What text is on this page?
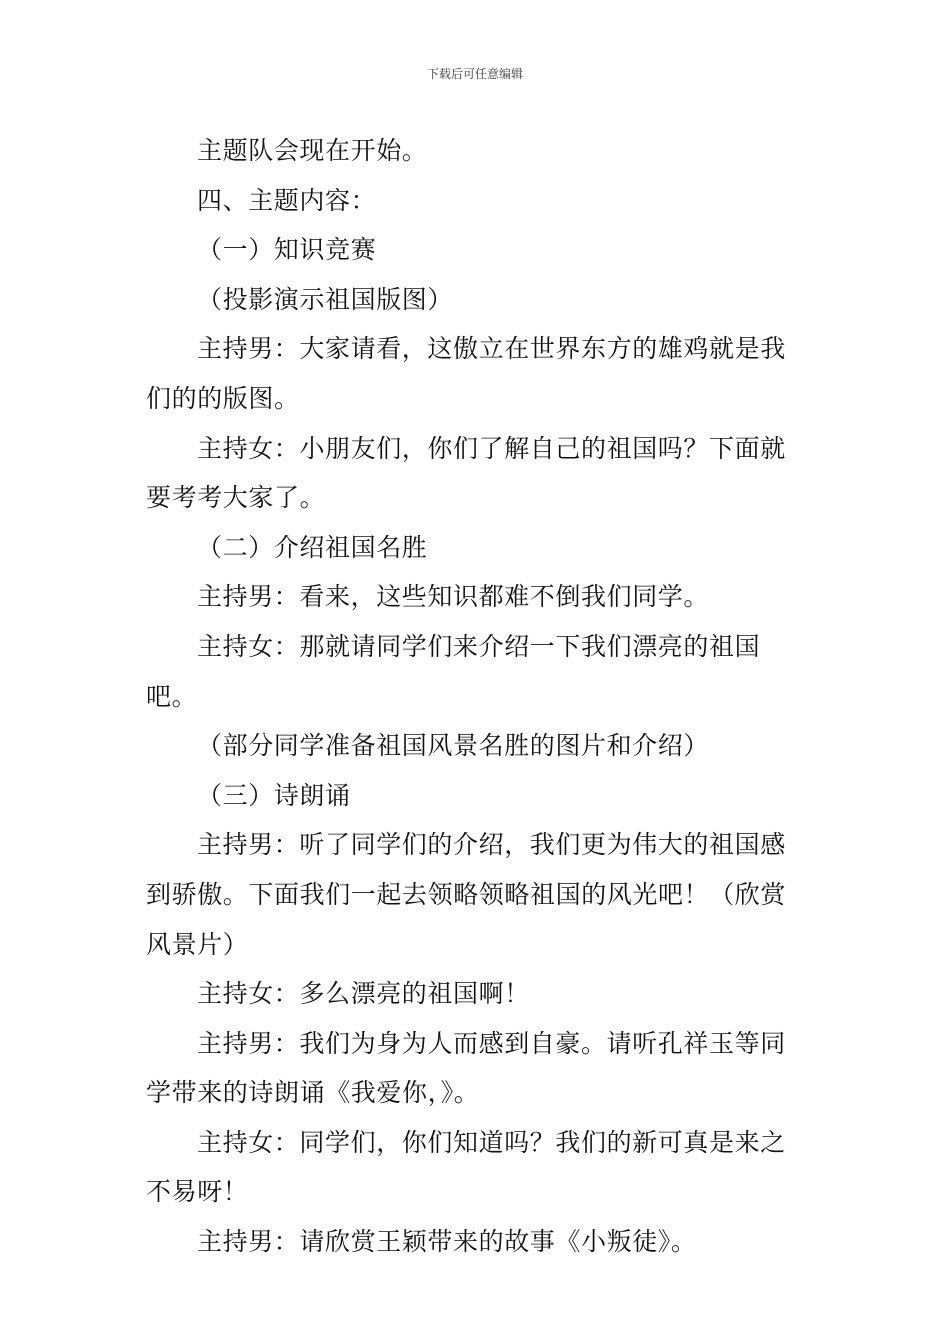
下载后可任意编辑

主题队会现在开始。

四、主题内容：

（一）知识竞赛

（投影演示祖国版图）

主持男：大家请看，这傲立在世界东方的雄鸡就是我们的的版图。

主持女：小朋友们，你们了解自己的祖国吗？下面就要考考大家了。

（二）介绍祖国名胜

主持男：看来，这些知识都难不倒我们同学。

主持女：那就请同学们来介绍一下我们漂亮的祖国吧。

（部分同学准备祖国风景名胜的图片和介绍）

（三）诗朗诵

主持男：听了同学们的介绍，我们更为伟大的祖国感到骄傲。下面我们一起去领略领略祖国的风光吧！（欣赏风景片）

主持女：多么漂亮的祖国啊！

主持男：我们为身为人而感到自豪。请听孔祥玉等同学带来的诗朗诵《我爱你，》。

主持女：同学们，你们知道吗？我们的新可真是来之不易呀！

主持男：请欣赏王颖带来的故事《小叛徒》。
